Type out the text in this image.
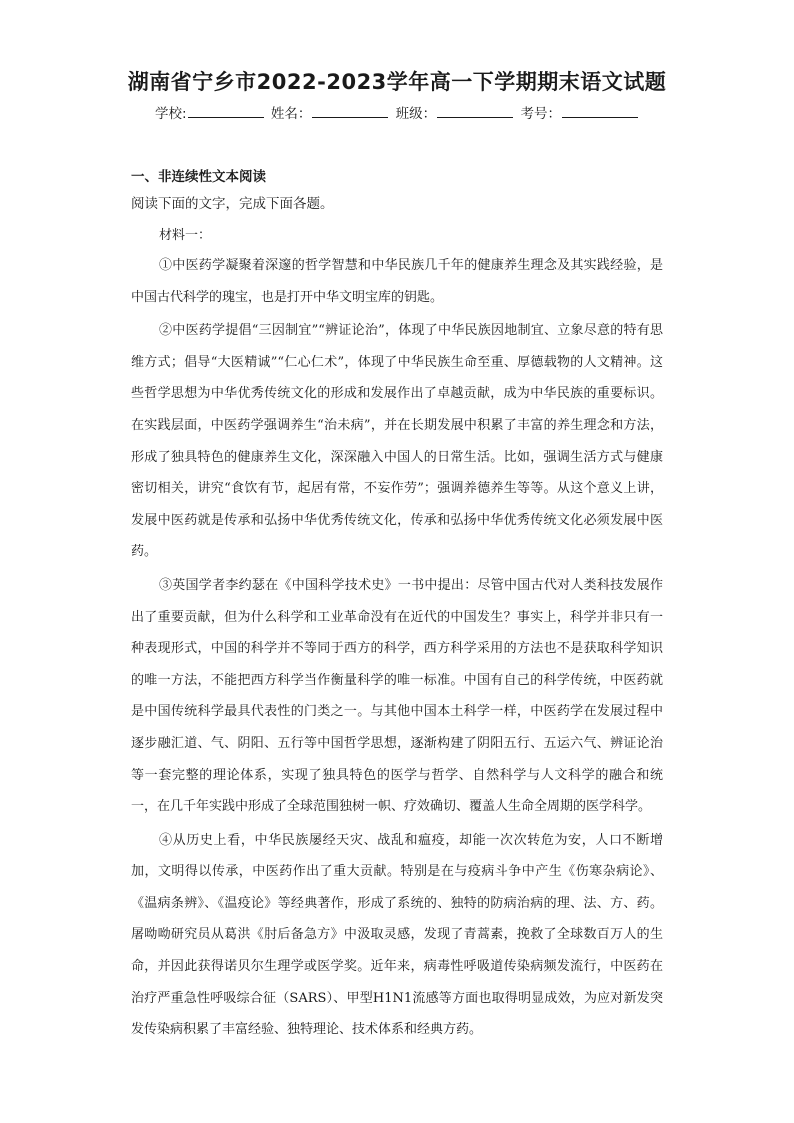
湖南省宁乡市2022-2023学年高一下学期期末语文试题
学校:	姓名：	班级：	考号：
一、非连续性文本阅读
阅读下面的文字，完成下面各题。
材料一：

①中医药学凝聚着深邃的哲学智慧和中华民族几千年的健康养生理念及其实践经验，是中国古代科学的瑰宝，也是打开中华文明宝库的钥匙。

②中医药学提倡“三因制宜”“辨证论治”，体现了中华民族因地制宜、立象尽意的特有思维方式；倡导“大医精诚”“仁心仁术”，体现了中华民族生命至重、厚德载物的人文精神。这些哲学思想为中华优秀传统文化的形成和发展作出了卓越贡献，成为中华民族的重要标识。在实践层面，中医药学强调养生“治未病”，并在长期发展中积累了丰富的养生理念和方法，形成了独具特色的健康养生文化，深深融入中国人的日常生活。比如，强调生活方式与健康密切相关，讲究“食饮有节，起居有常，不妄作劳”；强调养德养生等等。从这个意义上讲，发展中医药就是传承和弘扬中华优秀传统文化，传承和弘扬中华优秀传统文化必须发展中医药。

③英国学者李约瑟在《中国科学技术史》一书中提出：尽管中国古代对人类科技发展作出了重要贡献，但为什么科学和工业革命没有在近代的中国发生？事实上，科学并非只有一种表现形式，中国的科学并不等同于西方的科学，西方科学采用的方法也不是获取科学知识的唯一方法，不能把西方科学当作衡量科学的唯一标准。中国有自己的科学传统，中医药就是中国传统科学最具代表性的门类之一。与其他中国本土科学一样，中医药学在发展过程中逐步融汇道、气、阴阳、五行等中国哲学思想，逐渐构建了阴阳五行、五运六气、辨证论治等一套完整的理论体系，实现了独具特色的医学与哲学、自然科学与人文科学的融合和统一，在几千年实践中形成了全球范围独树一帜、疗效确切、覆盖人生命全周期的医学科学。

④从历史上看，中华民族屡经天灾、战乱和瘟疫，却能一次次转危为安，人口不断增加，文明得以传承，中医药作出了重大贡献。特别是在与疫病斗争中产生《伤寒杂病论》、《温病条辨》、《温疫论》等经典著作，形成了系统的、独特的防病治病的理、法、方、药。屠呦呦研究员从葛洪《肘后备急方》中汲取灵感，发现了青蒿素，挽救了全球数百万人的生命，并因此获得诺贝尔生理学或医学奖。近年来，病毒性呼吸道传染病频发流行，中医药在治疗严重急性呼吸综合征（SARS）、甲型H1N1流感等方面也取得明显成效，为应对新发突发传染病积累了丰富经验、独特理论、技术体系和经典方药。
